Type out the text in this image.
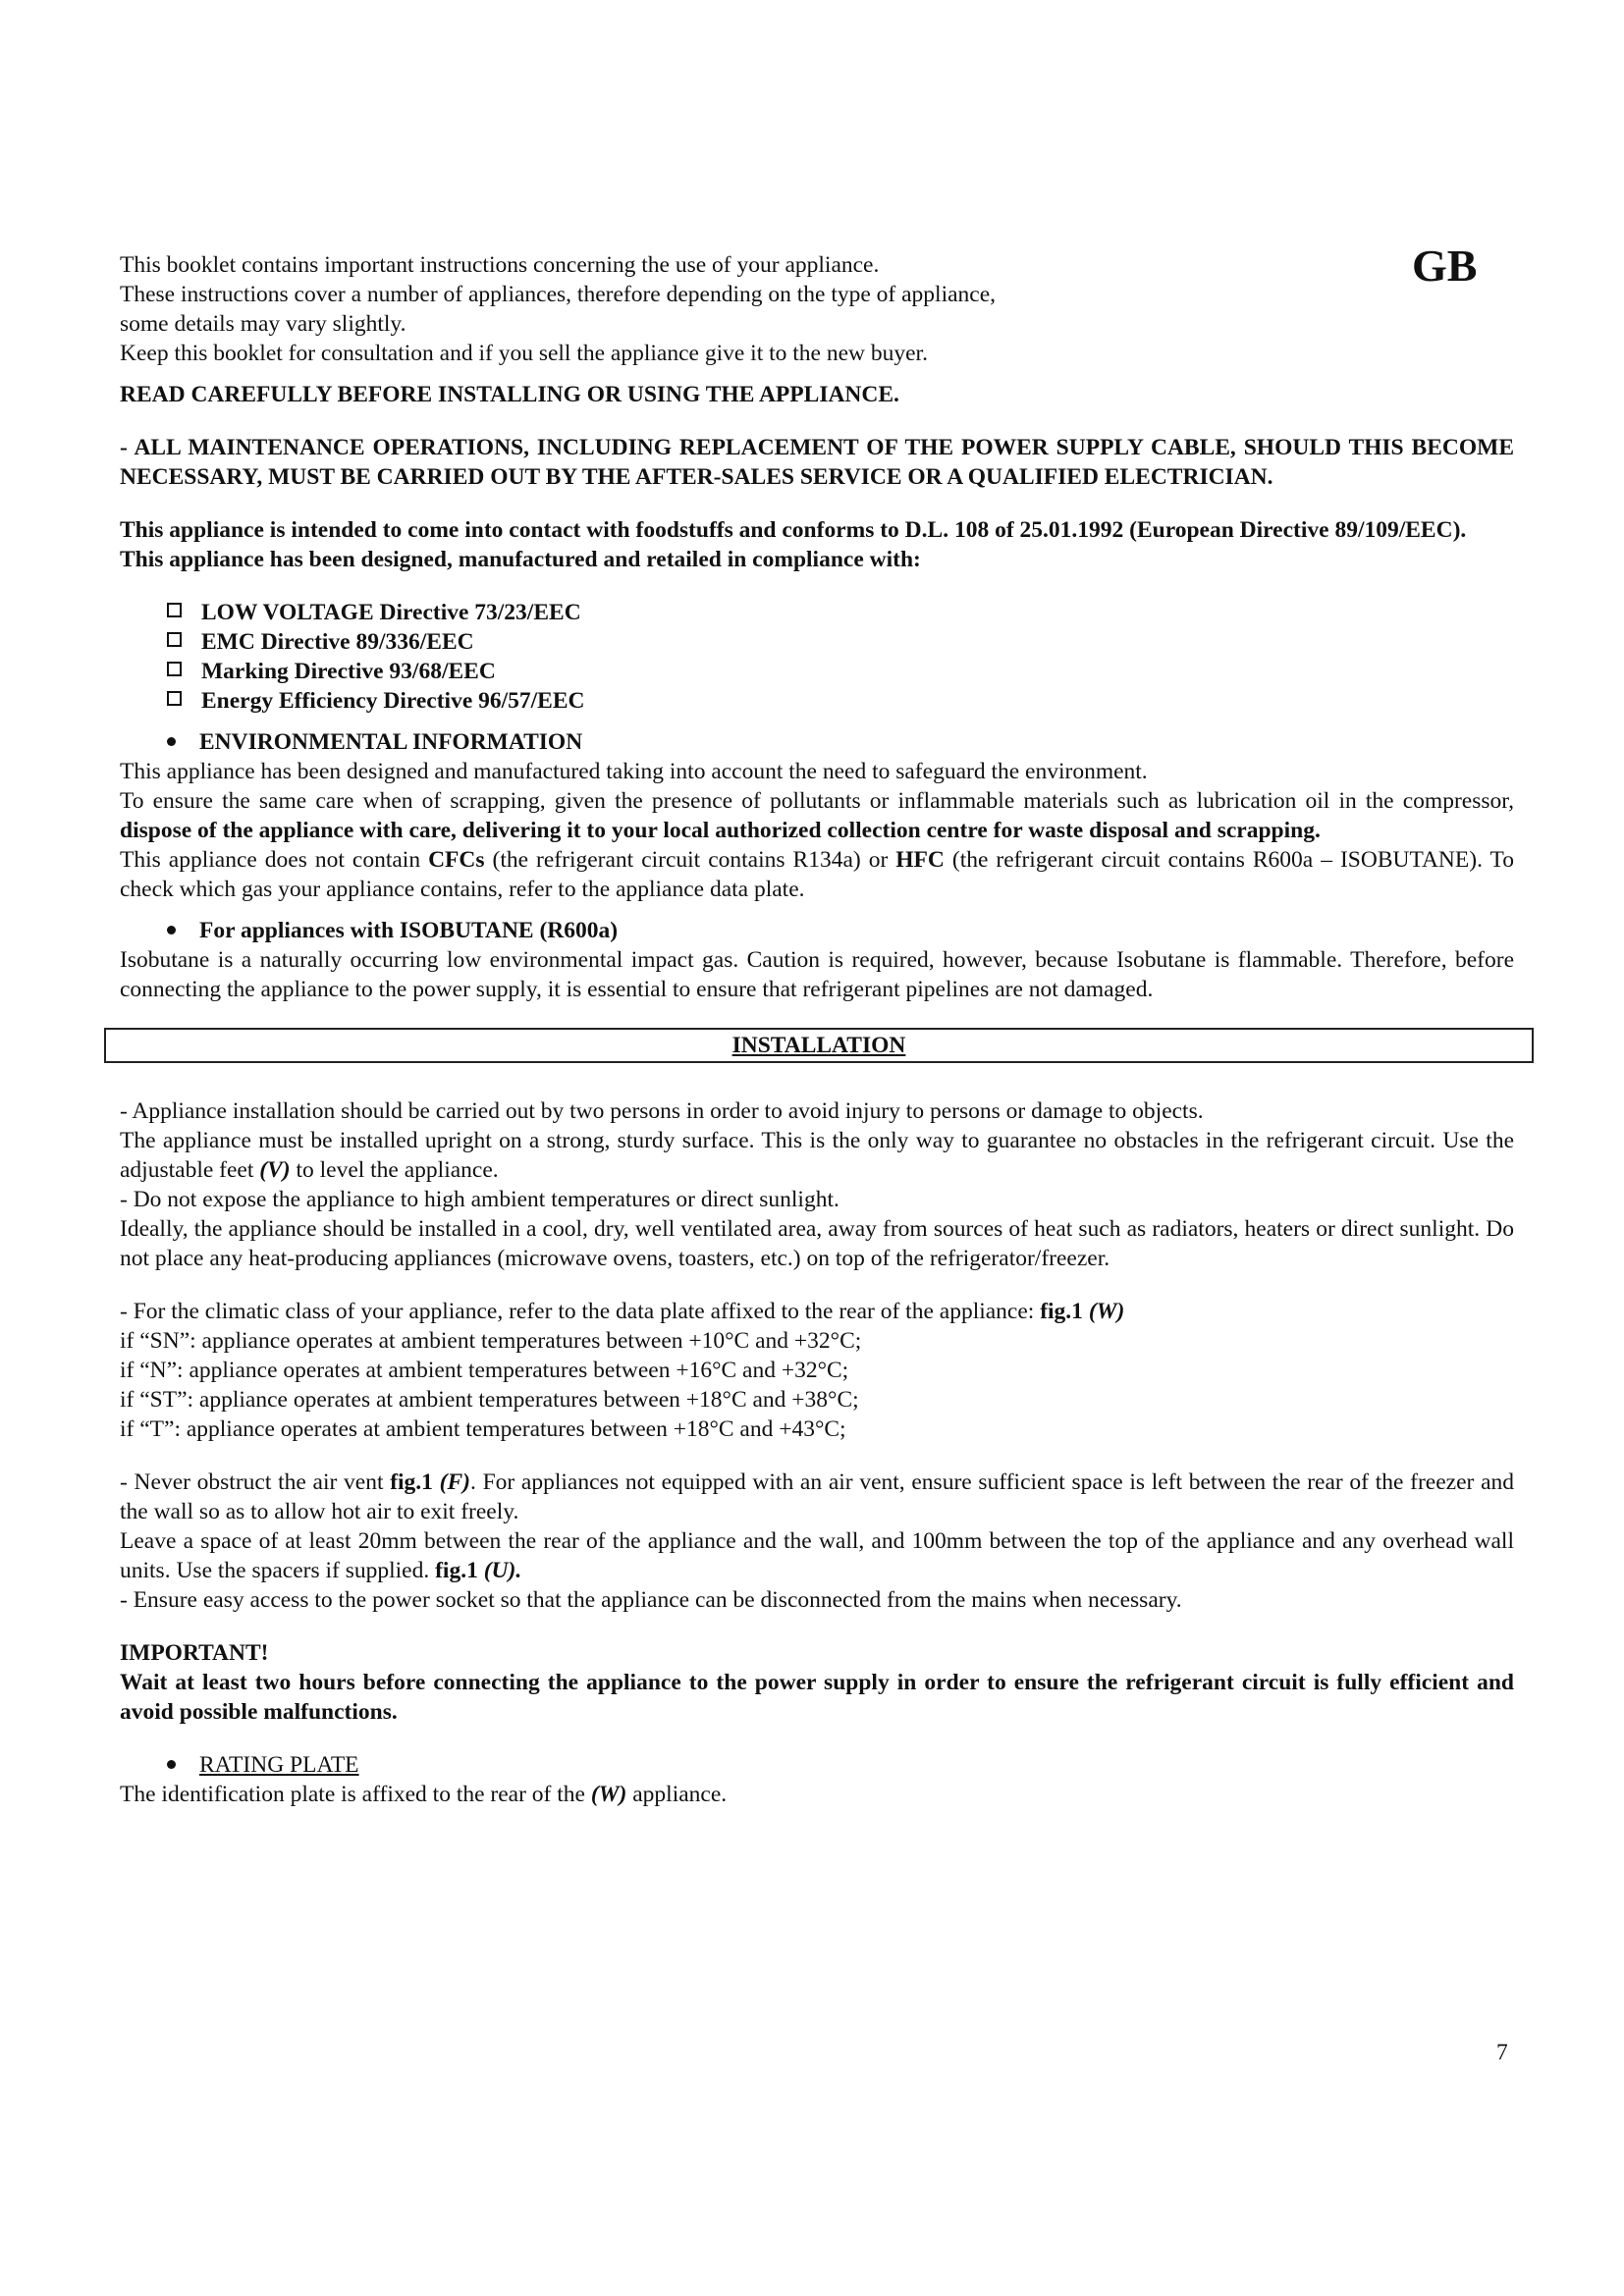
GB

This booklet contains important instructions concerning the use of your appliance.

These instructions cover a number of appliances, therefore depending on the type of appliance,

some details may vary slightly.

Keep this booklet for consultation and if you sell the appliance give it to the new buyer.

READ CAREFULLY BEFORE INSTALLING OR USING THE APPLIANCE.

- ALL MAINTENANCE OPERATIONS, INCLUDING REPLACEMENT OF THE POWER SUPPLY CABLE, SHOULD THIS BECOME NECESSARY, MUST BE CARRIED OUT BY THE AFTER-SALES SERVICE OR A QUALIFIED ELECTRICIAN.

This appliance is intended to come into contact with foodstuffs and conforms to D.L. 108 of 25.01.1992 (European Directive 89/109/EEC).

This appliance has been designed, manufactured and retailed in compliance with:

LOW VOLTAGE Directive 73/23/EEC
EMC Directive 89/336/EEC
Marking Directive 93/68/EEC
Energy Efficiency Directive 96/57/EEC
ENVIRONMENTAL INFORMATION

This appliance has been designed and manufactured taking into account the need to safeguard the environment.

To ensure the same care when of scrapping, given the presence of pollutants or inflammable materials such as lubrication oil in the compressor, dispose of the appliance with care, delivering it to your local authorized collection centre for waste disposal and scrapping.

This appliance does not contain CFCs (the refrigerant circuit contains R134a) or HFC (the refrigerant circuit contains R600a – ISOBUTANE). To check which gas your appliance contains, refer to the appliance data plate.

For appliances with ISOBUTANE (R600a)

Isobutane is a naturally occurring low environmental impact gas. Caution is required, however, because Isobutane is flammable. Therefore, before connecting the appliance to the power supply, it is essential to ensure that refrigerant pipelines are not damaged.

INSTALLATION

- Appliance installation should be carried out by two persons in order to avoid injury to persons or damage to objects.

The appliance must be installed upright on a strong, sturdy surface. This is the only way to guarantee no obstacles in the refrigerant circuit. Use the adjustable feet (V) to level the appliance.

- Do not expose the appliance to high ambient temperatures or direct sunlight.

Ideally, the appliance should be installed in a cool, dry, well ventilated area, away from sources of heat such as radiators, heaters or direct sunlight. Do not place any heat-producing appliances (microwave ovens, toasters, etc.) on top of the refrigerator/freezer.

- For the climatic class of your appliance, refer to the data plate affixed to the rear of the appliance: fig.1 (W)

if “SN”: appliance operates at ambient temperatures between +10°C and +32°C;

if “N”: appliance operates at ambient temperatures between +16°C and +32°C;

if “ST”: appliance operates at ambient temperatures between +18°C and +38°C;

if “T”: appliance operates at ambient temperatures between +18°C and +43°C;

- Never obstruct the air vent fig.1 (F). For appliances not equipped with an air vent, ensure sufficient space is left between the rear of the freezer and the wall so as to allow hot air to exit freely.

Leave a space of at least 20mm between the rear of the appliance and the wall, and 100mm between the top of the appliance and any overhead wall units. Use the spacers if supplied. fig.1 (U).

- Ensure easy access to the power socket so that the appliance can be disconnected from the mains when necessary.

IMPORTANT!

Wait at least two hours before connecting the appliance to the power supply in order to ensure the refrigerant circuit is fully efficient and avoid possible malfunctions.

RATING PLATE

The identification plate is affixed to the rear of the (W) appliance.

7
